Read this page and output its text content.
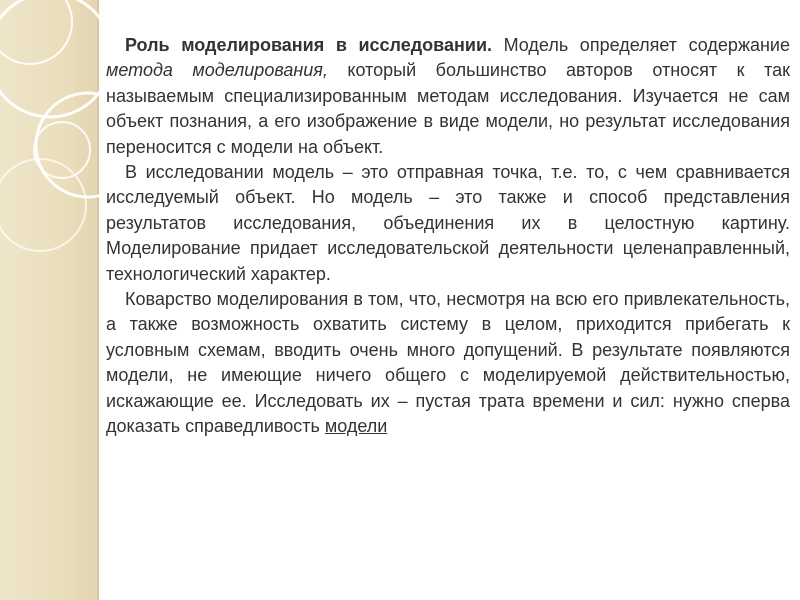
Роль моделирования в исследовании. Модель определяет содержание метода моделирования, который большинство авторов относят к так называемым специализированным методам исследования. Изучается не сам объект познания, а его изображение в виде модели, но результат исследования переносится с модели на объект.

В исследовании модель – это отправная точка, т.е. то, с чем сравнивается исследуемый объект. Но модель – это также и способ представления результатов исследования, объединения их в целостную картину. Моделирование придает исследовательской деятельности целенаправленный, технологический характер.

Коварство моделирования в том, что, несмотря на всю его привлекательность, а также возможность охватить систему в целом, приходится прибегать к условным схемам, вводить очень много допущений. В результате появляются модели, не имеющие ничего общего с моделируемой действительностью, искажающие ее. Исследовать их – пустая трата времени и сил: нужно сперва доказать справедливость модели
